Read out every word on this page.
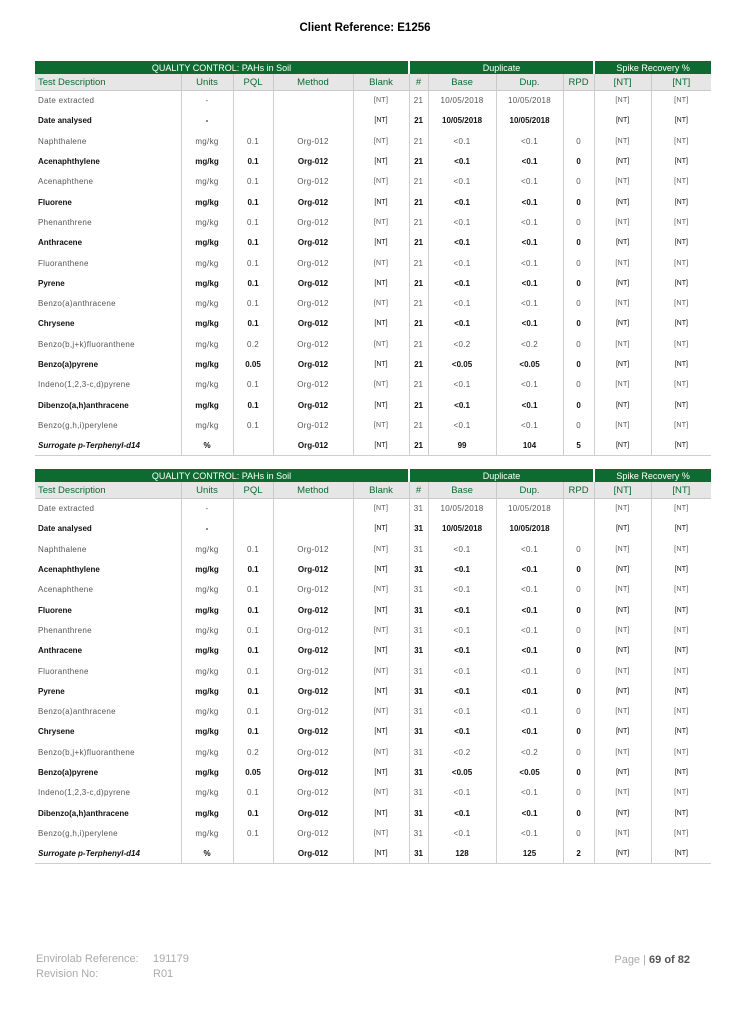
Client Reference: E1256
QUALITY CONTROL: PAHs in Soil					Duplicate				Spike Recovery %	
Test Description	Units	PQL	Method	Blank	#	Base	Dup.	RPD	[NT]	[NT]
Date extracted	-			[NT]	21	10/05/2018	10/05/2018		[NT]	[NT]
Date analysed	-			[NT]	21	10/05/2018	10/05/2018		[NT]	[NT]
Naphthalene	mg/kg	0.1	Org-012	[NT]	21	<0.1	<0.1	0	[NT]	[NT]
Acenaphthylene	mg/kg	0.1	Org-012	[NT]	21	<0.1	<0.1	0	[NT]	[NT]
Acenaphthene	mg/kg	0.1	Org-012	[NT]	21	<0.1	<0.1	0	[NT]	[NT]
Fluorene	mg/kg	0.1	Org-012	[NT]	21	<0.1	<0.1	0	[NT]	[NT]
Phenanthrene	mg/kg	0.1	Org-012	[NT]	21	<0.1	<0.1	0	[NT]	[NT]
Anthracene	mg/kg	0.1	Org-012	[NT]	21	<0.1	<0.1	0	[NT]	[NT]
Fluoranthene	mg/kg	0.1	Org-012	[NT]	21	<0.1	<0.1	0	[NT]	[NT]
Pyrene	mg/kg	0.1	Org-012	[NT]	21	<0.1	<0.1	0	[NT]	[NT]
Benzo(a)anthracene	mg/kg	0.1	Org-012	[NT]	21	<0.1	<0.1	0	[NT]	[NT]
Chrysene	mg/kg	0.1	Org-012	[NT]	21	<0.1	<0.1	0	[NT]	[NT]
Benzo(b,j+k)fluoranthene	mg/kg	0.2	Org-012	[NT]	21	<0.2	<0.2	0	[NT]	[NT]
Benzo(a)pyrene	mg/kg	0.05	Org-012	[NT]	21	<0.05	<0.05	0	[NT]	[NT]
Indeno(1,2,3-c,d)pyrene	mg/kg	0.1	Org-012	[NT]	21	<0.1	<0.1	0	[NT]	[NT]
Dibenzo(a,h)anthracene	mg/kg	0.1	Org-012	[NT]	21	<0.1	<0.1	0	[NT]	[NT]
Benzo(g,h,i)perylene	mg/kg	0.1	Org-012	[NT]	21	<0.1	<0.1	0	[NT]	[NT]
Surrogate p-Terphenyl-d14	%		Org-012	[NT]	21	99	104	5	[NT]	[NT]
QUALITY CONTROL: PAHs in Soil					Duplicate				Spike Recovery %	
Test Description	Units	PQL	Method	Blank	#	Base	Dup.	RPD	[NT]	[NT]
Date extracted	-			[NT]	31	10/05/2018	10/05/2018		[NT]	[NT]
Date analysed	-			[NT]	31	10/05/2018	10/05/2018		[NT]	[NT]
Naphthalene	mg/kg	0.1	Org-012	[NT]	31	<0.1	<0.1	0	[NT]	[NT]
Acenaphthylene	mg/kg	0.1	Org-012	[NT]	31	<0.1	<0.1	0	[NT]	[NT]
Acenaphthene	mg/kg	0.1	Org-012	[NT]	31	<0.1	<0.1	0	[NT]	[NT]
Fluorene	mg/kg	0.1	Org-012	[NT]	31	<0.1	<0.1	0	[NT]	[NT]
Phenanthrene	mg/kg	0.1	Org-012	[NT]	31	<0.1	<0.1	0	[NT]	[NT]
Anthracene	mg/kg	0.1	Org-012	[NT]	31	<0.1	<0.1	0	[NT]	[NT]
Fluoranthene	mg/kg	0.1	Org-012	[NT]	31	<0.1	<0.1	0	[NT]	[NT]
Pyrene	mg/kg	0.1	Org-012	[NT]	31	<0.1	<0.1	0	[NT]	[NT]
Benzo(a)anthracene	mg/kg	0.1	Org-012	[NT]	31	<0.1	<0.1	0	[NT]	[NT]
Chrysene	mg/kg	0.1	Org-012	[NT]	31	<0.1	<0.1	0	[NT]	[NT]
Benzo(b,j+k)fluoranthene	mg/kg	0.2	Org-012	[NT]	31	<0.2	<0.2	0	[NT]	[NT]
Benzo(a)pyrene	mg/kg	0.05	Org-012	[NT]	31	<0.05	<0.05	0	[NT]	[NT]
Indeno(1,2,3-c,d)pyrene	mg/kg	0.1	Org-012	[NT]	31	<0.1	<0.1	0	[NT]	[NT]
Dibenzo(a,h)anthracene	mg/kg	0.1	Org-012	[NT]	31	<0.1	<0.1	0	[NT]	[NT]
Benzo(g,h,i)perylene	mg/kg	0.1	Org-012	[NT]	31	<0.1	<0.1	0	[NT]	[NT]
Surrogate p-Terphenyl-d14	%		Org-012	[NT]	31	128	125	2	[NT]	[NT]
Envirolab Reference: 191179
Revision No:	R01
Page | 69 of 82
